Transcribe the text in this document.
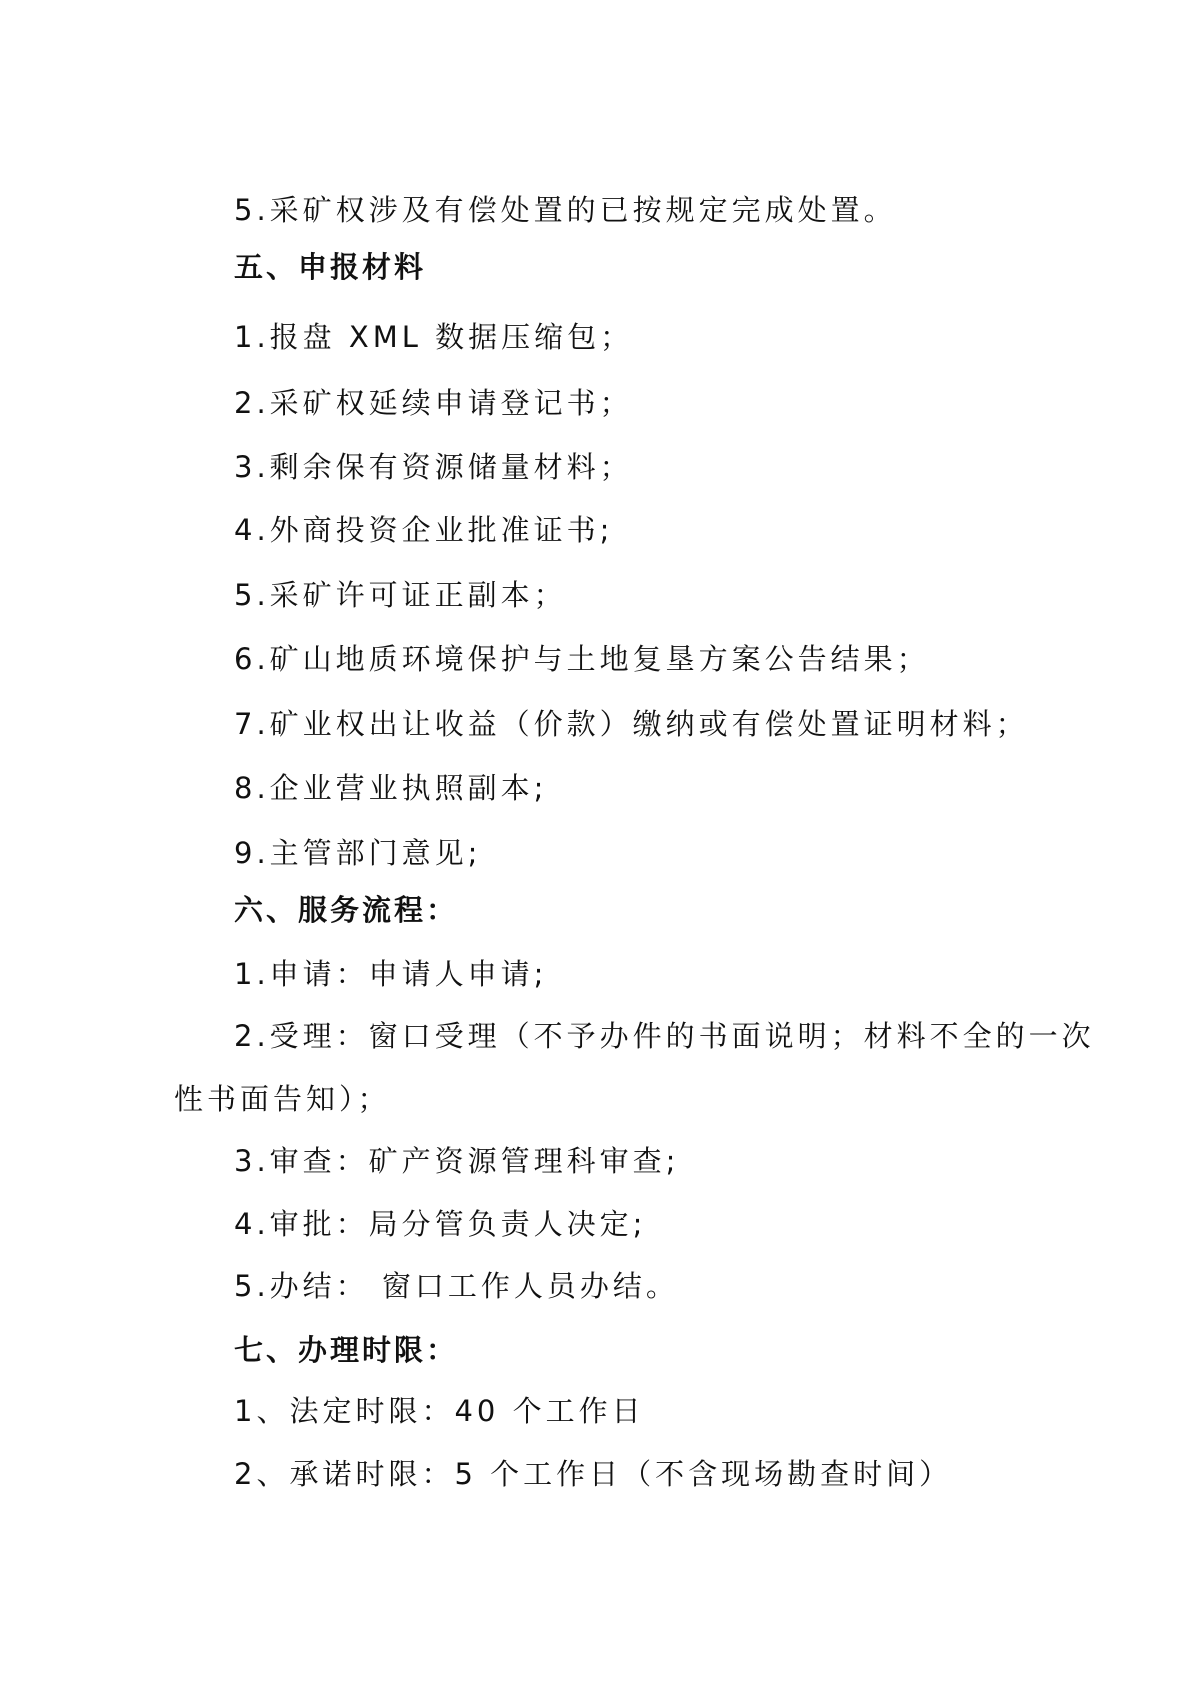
5.采矿权涉及有偿处置的已按规定完成处置。
五、申报材料
1.报盘 XML 数据压缩包；
2.采矿权延续申请登记书；
3.剩余保有资源储量材料；
4.外商投资企业批准证书;
5.采矿许可证正副本；
6.矿山地质环境保护与土地复垦方案公告结果；
7.矿业权出让收益（价款）缴纳或有偿处置证明材料；
8.企业营业执照副本;
9.主管部门意见;
六、服务流程：
1.申请：申请人申请;
2.受理：窗口受理（不予办件的书面说明；材料不全的一次
性书面告知）；
3.审查：矿产资源管理科审查;
4.审批：局分管负责人决定;
5.办结： 窗口工作人员办结。
七、办理时限：
1、法定时限：40 个工作日
2、承诺时限：5 个工作日（不含现场勘查时间）
